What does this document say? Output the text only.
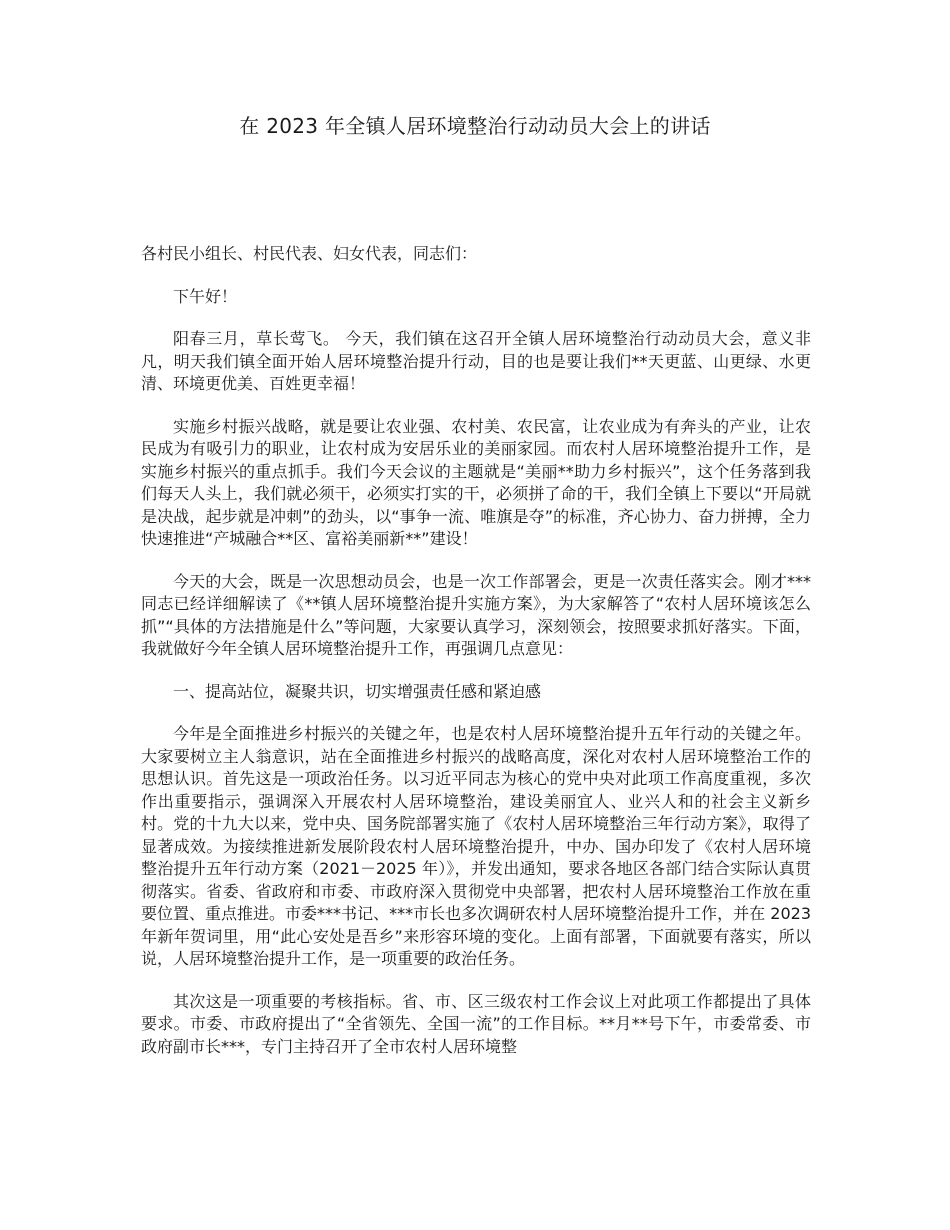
在 2023 年全镇人居环境整治行动动员大会上的讲话

各村民小组长、村民代表、妇女代表，同志们：

下午好！

阳春三月，草长莺飞。 今天，我们镇在这召开全镇人居环境整治行动动员大会，意义非凡，明天我们镇全面开始人居环境整治提升行动，目的也是要让我们**天更蓝、山更绿、水更清、环境更优美、百姓更幸福！

实施乡村振兴战略，就是要让农业强、农村美、农民富，让农业成为有奔头的产业，让农民成为有吸引力的职业，让农村成为安居乐业的美丽家园。而农村人居环境整治提升工作，是实施乡村振兴的重点抓手。我们今天会议的主题就是“美丽**助力乡村振兴”，这个任务落到我们每天人头上，我们就必须干，必须实打实的干，必须拼了命的干，我们全镇上下要以“开局就是决战，起步就是冲刺”的劲头，以“事争一流、唯旗是夺”的标准，齐心协力、奋力拼搏，全力快速推进“产城融合**区、富裕美丽新**”建设！

今天的大会，既是一次思想动员会，也是一次工作部署会，更是一次责任落实会。刚才***同志已经详细解读了《**镇人居环境整治提升实施方案》，为大家解答了“农村人居环境该怎么抓”“具体的方法措施是什么”等问题，大家要认真学习，深刻领会，按照要求抓好落实。下面，我就做好今年全镇人居环境整治提升工作，再强调几点意见：

一、提高站位，凝聚共识，切实增强责任感和紧迫感

今年是全面推进乡村振兴的关键之年，也是农村人居环境整治提升五年行动的关键之年。大家要树立主人翁意识，站在全面推进乡村振兴的战略高度，深化对农村人居环境整治工作的思想认识。首先这是一项政治任务。以习近平同志为核心的党中央对此项工作高度重视，多次作出重要指示，强调深入开展农村人居环境整治，建设美丽宜人、业兴人和的社会主义新乡村。党的十九大以来，党中央、国务院部署实施了《农村人居环境整治三年行动方案》，取得了显著成效。为接续推进新发展阶段农村人居环境整治提升，中办、国办印发了《农村人居环境整治提升五年行动方案（2021－2025 年）》，并发出通知，要求各地区各部门结合实际认真贯彻落实。省委、省政府和市委、市政府深入贯彻党中央部署，把农村人居环境整治工作放在重要位置、重点推进。市委***书记、***市长也多次调研农村人居环境整治提升工作，并在 2023 年新年贺词里，用“此心安处是吾乡”来形容环境的变化。上面有部署，下面就要有落实，所以说，人居环境整治提升工作，是一项重要的政治任务。

其次这是一项重要的考核指标。省、市、区三级农村工作会议上对此项工作都提出了具体要求。市委、市政府提出了“全省领先、全国一流”的工作目标。**月**号下午，市委常委、市政府副市长***，专门主持召开了全市农村人居环境整
